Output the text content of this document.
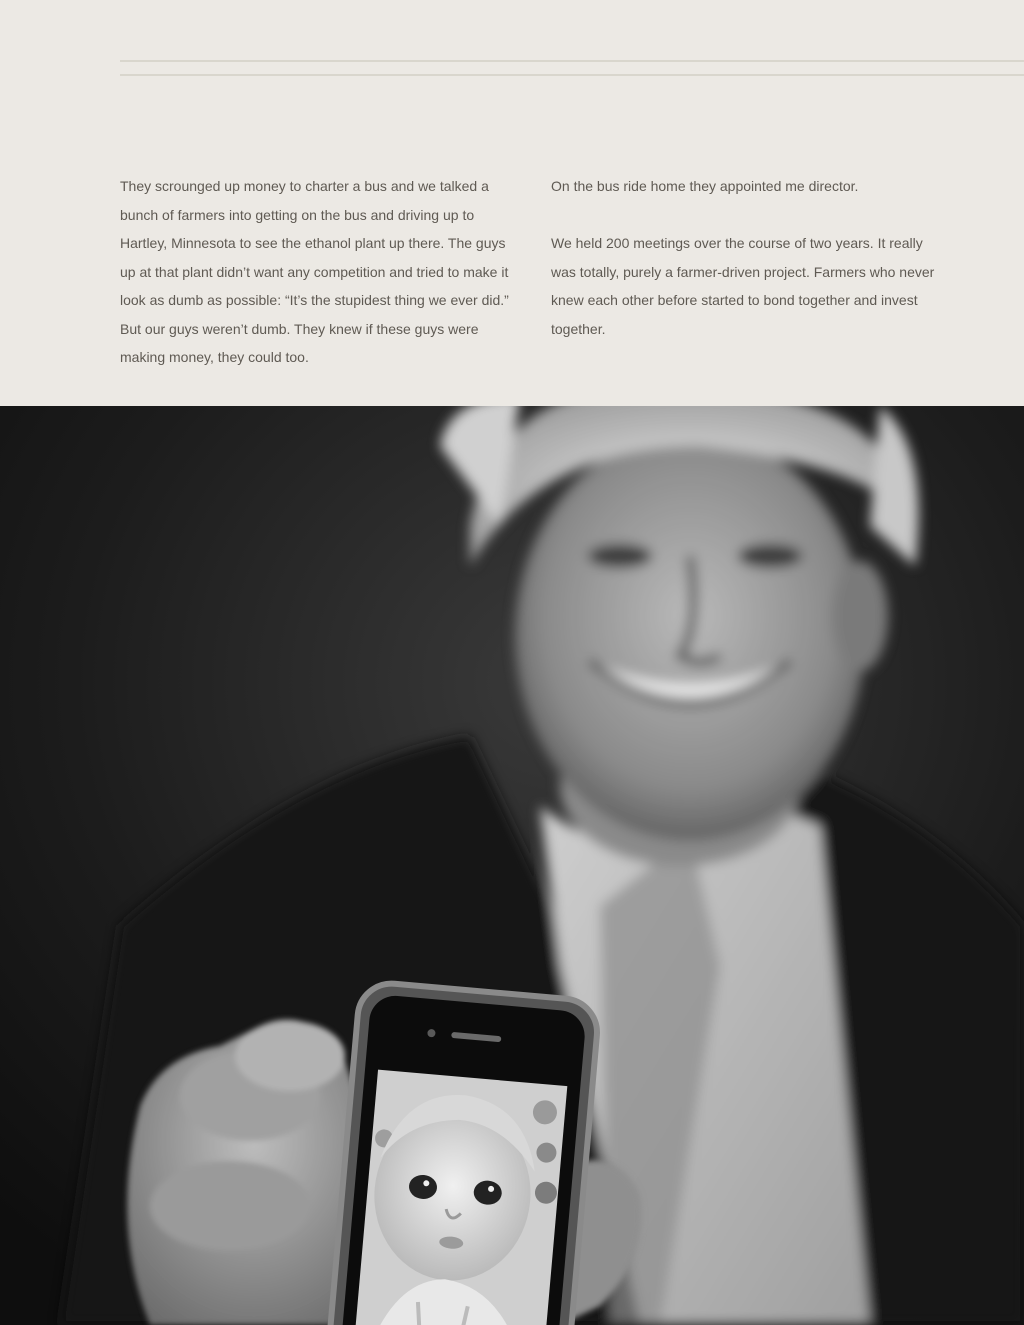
They scrounged up money to charter a bus and we talked a bunch of farmers into getting on the bus and driving up to Hartley, Minnesota to see the ethanol plant up there. The guys up at that plant didn’t want any competition and tried to make it look as dumb as possible: “It’s the stupidest thing we ever did.” But our guys weren’t dumb. They knew if these guys were making money, they could too.

On the bus ride home they appointed me director.

We held 200 meetings over the course of two years. It really was totally, purely a farmer-driven project. Farmers who never knew each other before started to bond together and invest together.
